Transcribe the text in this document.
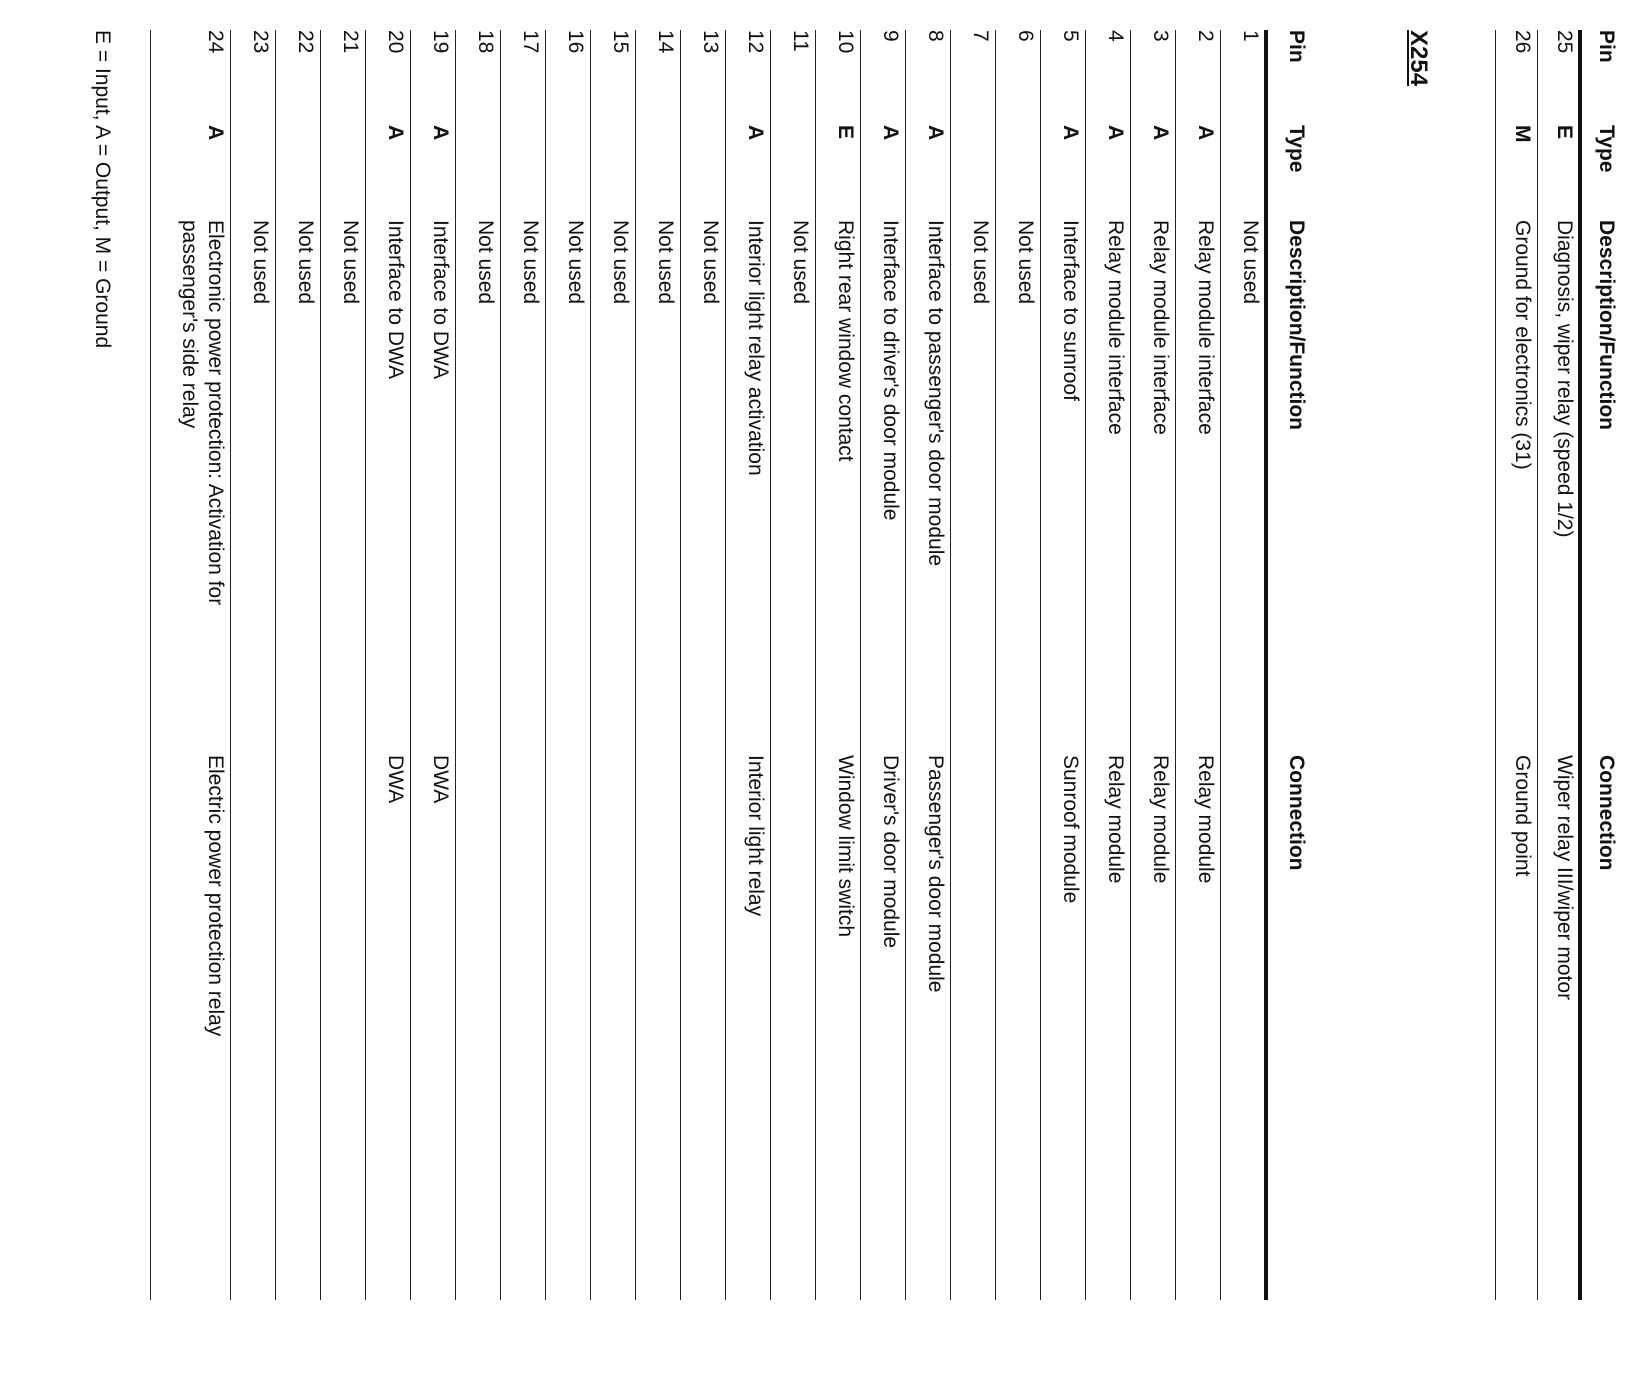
Pin
Type
Description/Function
Connection
25
E
Diagnosis, wiper relay (speed 1/2)
Wiper relay III/wiper motor
26
M
Ground for electronics (31)
Ground point
X254
Pin
Type
Description/Function
Connection
1
Not used
2
A
Relay module interface
Relay module
3
A
Relay module interface
Relay module
4
A
Relay module interface
Relay module
5
A
Interface to sunroof
Sunroof module
6
Not used
7
Not used
8
A
Interface to passenger's door module
Passenger's door module
9
A
Interface to driver's door module
Driver's door module
10
E
Right rear window contact
Window limit switch
11
Not used
12
A
Interior light relay activation
Interior light relay
13
Not used
14
Not used
15
Not used
16
Not used
17
Not used
18
Not used
19
A
Interface to DWA
DWA
20
A
Interface to DWA
DWA
21
Not used
22
Not used
23
Not used
24
A
Electronic power protection: Activation for
passenger's side relay
Electric power protection relay
E = Input, A = Output, M = Ground
